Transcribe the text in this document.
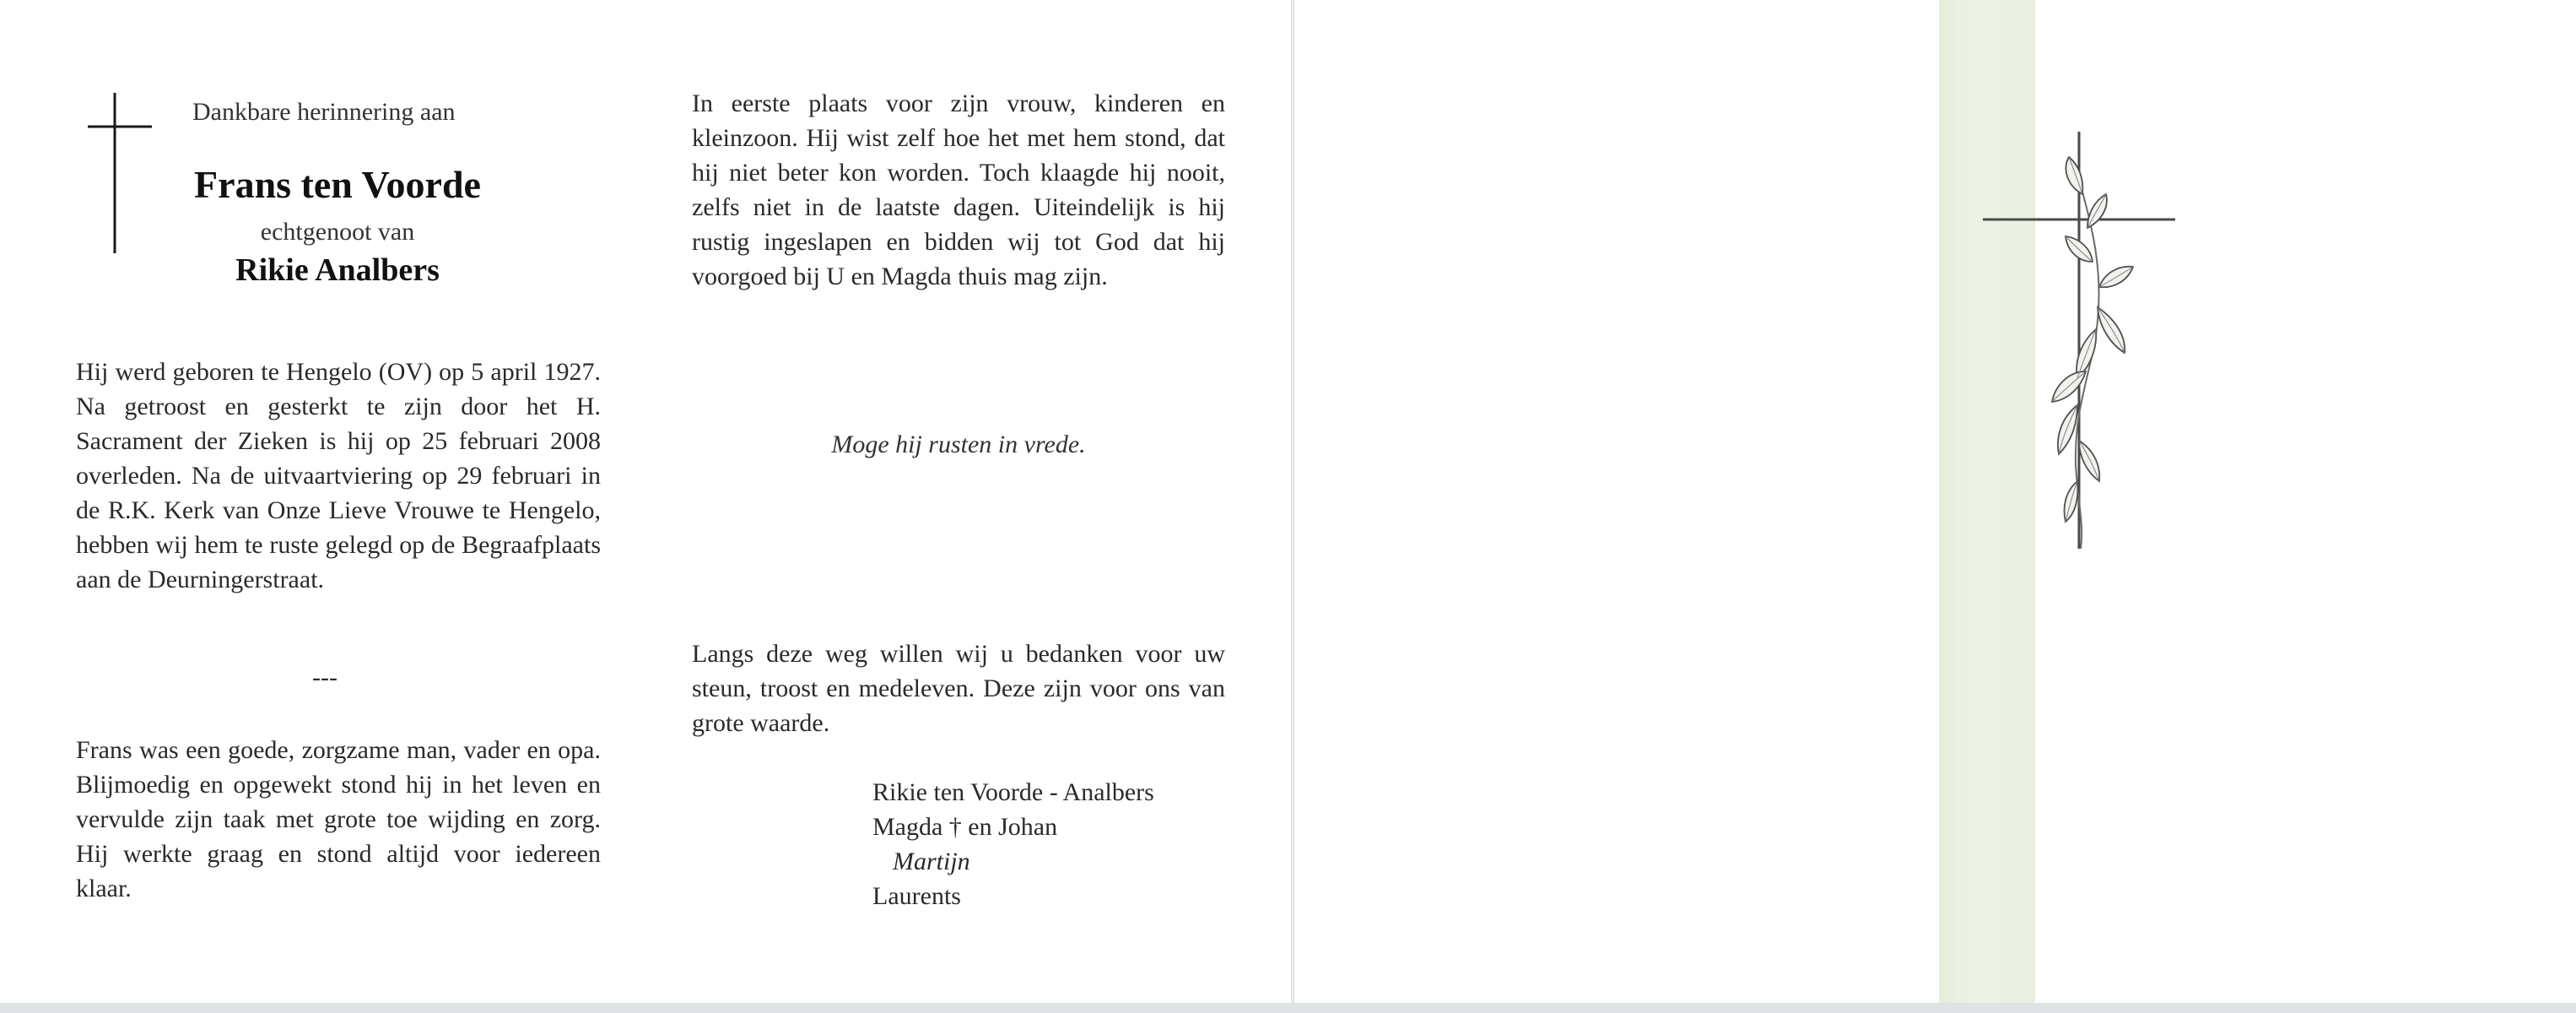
Dankbare herinnering aan
Frans ten Voorde
echtgenoot van
Rikie Analbers
Hij werd geboren te Hengelo (OV) op 5 april 1927. Na getroost en gesterkt te zijn door het H. Sacrament der Zieken is hij op 25 februari 2008 overleden. Na de uitvaartviering op 29 februari in de R.K. Kerk van Onze Lieve Vrouwe te Hengelo, hebben wij hem te ruste gelegd op de Begraafplaats aan de Deurningerstraat.
---
Frans was een goede, zorgzame man, vader en opa. Blijmoedig en opgewekt stond hij in het leven en vervulde zijn taak met grote toe wijding en zorg. Hij werkte graag en stond altijd voor iedereen klaar.
In eerste plaats voor zijn vrouw, kinderen en kleinzoon. Hij wist zelf hoe het met hem stond, dat hij niet beter kon worden. Toch klaagde hij nooit, zelfs niet in de laatste dagen. Uiteindelijk is hij rustig ingeslapen en bidden wij tot God dat hij voorgoed bij U en Magda thuis mag zijn.
Moge hij rusten in vrede.
Langs deze weg willen wij u bedanken voor uw steun, troost en medeleven. Deze zijn voor ons van grote waarde.
Rikie ten Voorde - Analbers
Magda † en Johan
Martijn
Laurents
